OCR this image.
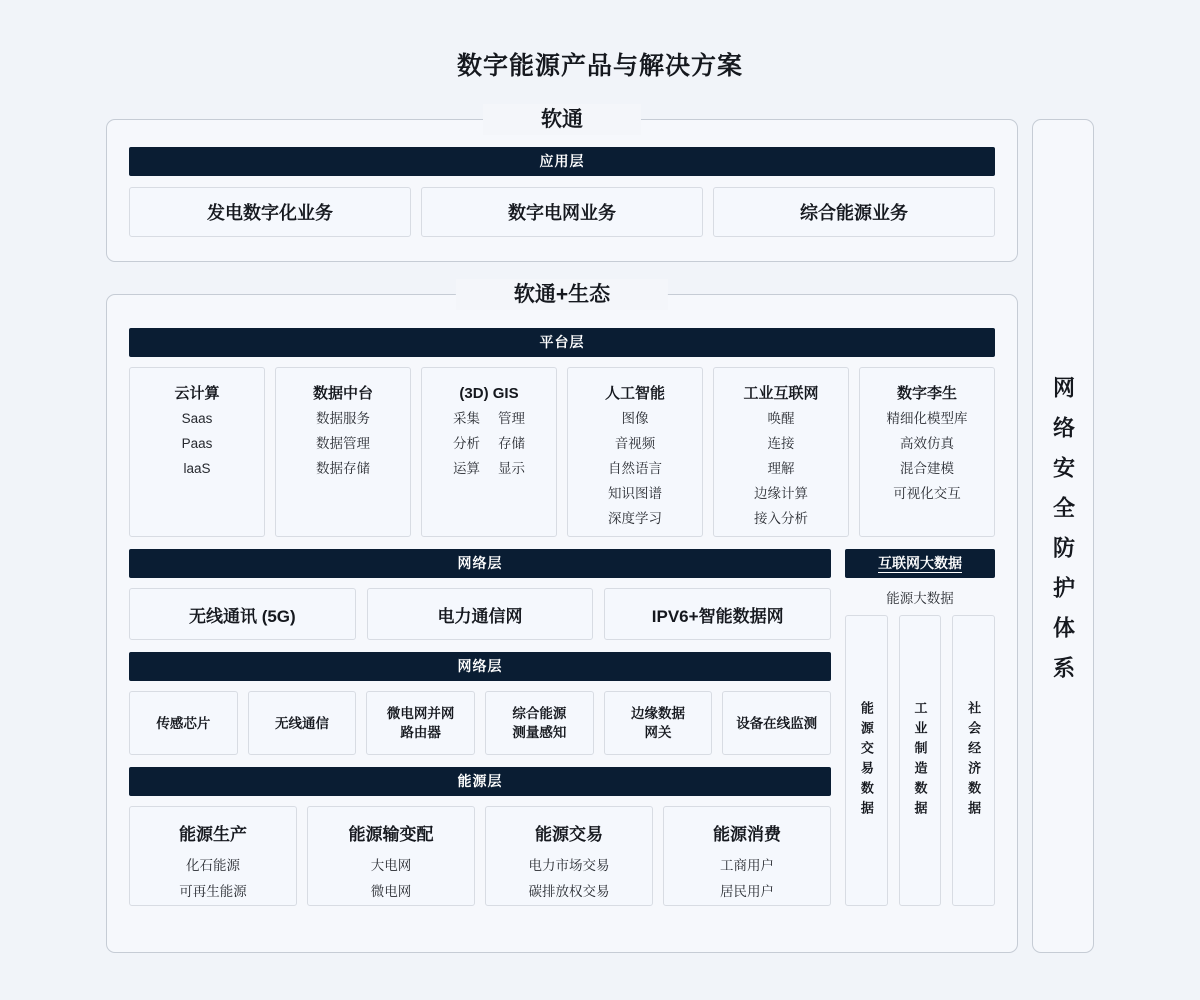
数字能源产品与解决方案
软通
应用层
发电数字化业务	数字电网业务	综合能源业务
软通+生态
平台层
云计算
Saas
Paas
laaS
数据中台
数据服务
数据管理
数据存储
(3D) GIS
采集 管理
分析 存储
运算 显示
人工智能
图像
音视频
自然语言
知识图谱
深度学习
工业互联网
唤醒
连接
理解
边缘计算
接入分析
数字李生
精细化模型库
高效仿真
混合建模
可视化交互
网络层
无线通讯 (5G)	电力通信网	IPV6+智能数据网
网络层
传感芯片	无线通信
微电网并网
路由器
综合能源
测量感知
边缘数据
网关
设备在线监测
能源层
能源生产
化石能源
可再生能源
能源输变配
大电网
微电网
能源交易
电力市场交易
碳排放权交易
能源消费
工商用户
居民用户
互联网大数据
能源大数据
能源交易数据	工业制造数据	社会经济数据
网络安全防护体系
